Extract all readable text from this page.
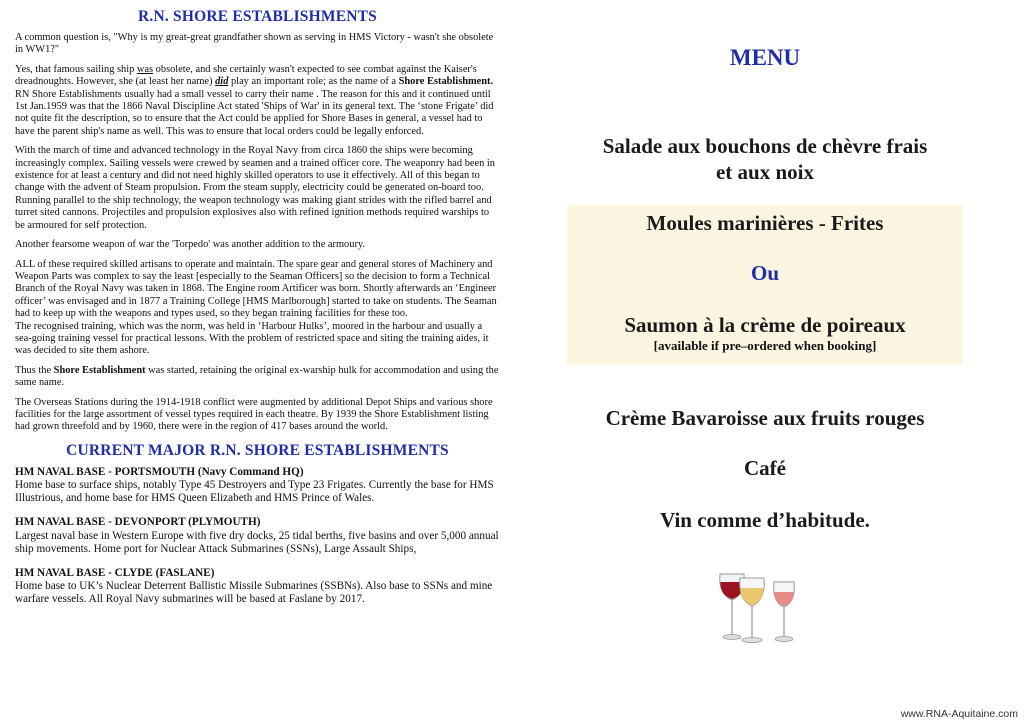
R.N. SHORE ESTABLISHMENTS

A common question is, "Why is my great-great grandfather shown as serving in HMS Victory - wasn't she obsolete in WW1?"

Yes, that famous sailing ship was obsolete, and she certainly wasn't expected to see combat against the Kaiser's dreadnoughts. However, she (at least her name) did play an important role; as the name of a Shore Establishment.

RN Shore Establishments usually had a small vessel to carry their name . The reason for this and it continued until 1st Jan.1959 was that the 1866 Naval Discipline Act stated 'Ships of War' in its general text. The ‘stone Frigate’ did not quite fit the description, so to ensure that the Act could be applied for Shore Bases in general, a vessel had to have the parent ship's name as well. This was to ensure that local orders could be legally enforced.

With the march of time and advanced technology in the Royal Navy from circa 1860 the ships were becoming increasingly complex. Sailing vessels were crewed by seamen and a trained officer core. The weaponry had been in existence for at least a century and did not need highly skilled operators to use it effectively. All of this began to change with the advent of Steam propulsion. From the steam supply, electricity could be generated on-board too.

Running parallel to the ship technology, the weapon technology was making giant strides with the rifled barrel and turret sited cannons. Projectiles and propulsion explosives also with refined ignition methods required warships to be armoured for self protection.

Another fearsome weapon of war the 'Torpedo' was another addition to the armoury.

ALL of these required skilled artisans to operate and maintain. The spare gear and general stores of Machinery and Weapon Parts was complex to say the least [especially to the Seaman Officers] so the decision to form a Technical Branch of the Royal Navy was taken in 1868. The Engine room Artificer was born. Shortly afterwards an ‘Engineer officer’ was envisaged and in 1877 a Training College [HMS Marlborough] started to take on students. The Seaman had to keep up with the weapons and types used, so they began training facilities for these too.

The recognised training, which was the norm, was held in ‘Harbour Hulks’, moored in the harbour and usually a sea-going training vessel for practical lessons. With the problem of restricted space and siting the training aides, it was decided to site them ashore.

Thus the Shore Establishment was started, retaining the original ex-warship hulk for accommodation and using the same name.

The Overseas Stations during the 1914-1918 conflict were augmented by additional Depot Ships and various shore facilities for the large assortment of vessel types required in each theatre. By 1939 the Shore Establishment listing had grown threefold and by 1960, there were in the region of 417 bases around the world.

CURRENT MAJOR R.N. SHORE ESTABLISHMENTS
HM NAVAL BASE - PORTSMOUTH (Navy Command HQ)
Home base to surface ships, notably Type 45 Destroyers and Type 23 Frigates. Currently the base for HMS Illustrious, and home base for HMS Queen Elizabeth and HMS Prince of Wales.
HM NAVAL BASE - DEVONPORT (PLYMOUTH)
Largest naval base in Western Europe with five dry docks, 25 tidal berths, five basins and over 5,000 annual ship movements. Home port for Nuclear Attack Submarines (SSNs), Large Assault Ships,
HM NAVAL BASE - CLYDE (FASLANE)
Home base to UK’s Nuclear Deterrent Ballistic Missile Submarines (SSBNs). Also base to SSNs and mine warfare vessels. All Royal Navy submarines will be based at Faslane by 2017.
MENU
Salade aux bouchons de chèvre frais
et aux noix
Moules marinières - Frites
Ou
Saumon à la crème de poireaux
[available if pre–ordered when booking]
Crème Bavaroisse aux fruits rouges
Café
Vin comme d’habitude.
www.RNA-Aquitaine.com
